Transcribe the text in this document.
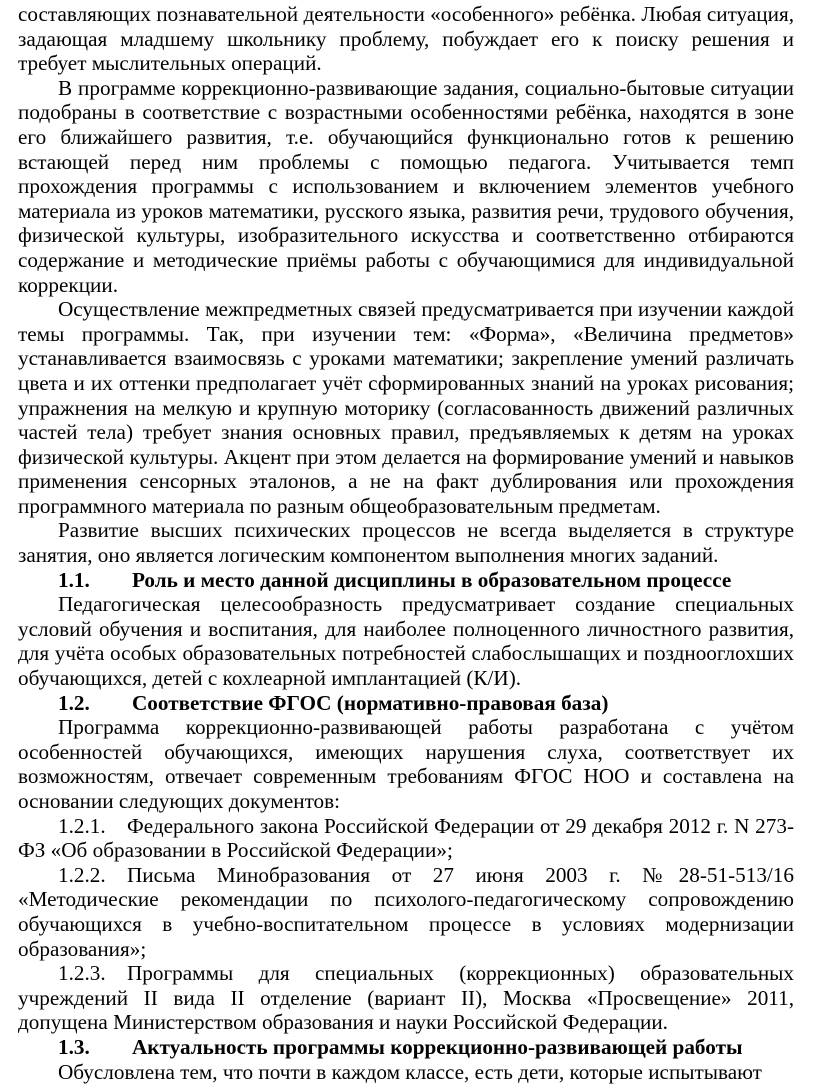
составляющих познавательной деятельности «особенного» ребёнка. Любая ситуация, задающая младшему школьнику проблему, побуждает его к поиску решения и требует мыслительных операций.

В программе коррекционно-развивающие задания, социально-бытовые ситуации подобраны в соответствие с возрастными особенностями ребёнка, находятся в зоне его ближайшего развития, т.е. обучающийся функционально готов к решению встающей перед ним проблемы с помощью педагога. Учитывается темп прохождения программы с использованием и включением элементов учебного материала из уроков математики, русского языка, развития речи, трудового обучения, физической культуры, изобразительного искусства и соответственно отбираются содержание и методические приёмы работы с обучающимися для индивидуальной коррекции.

Осуществление межпредметных связей предусматривается при изучении каждой темы программы. Так, при изучении тем: «Форма», «Величина предметов» устанавливается взаимосвязь с уроками математики; закрепление умений различать цвета и их оттенки предполагает учёт сформированных знаний на уроках рисования; упражнения на мелкую и крупную моторику (согласованность движений различных частей тела) требует знания основных правил, предъявляемых к детям на уроках физической культуры. Акцент при этом делается на формирование умений и навыков применения сенсорных эталонов, а не на факт дублирования или прохождения программного материала по разным общеобразовательным предметам.

Развитие высших психических процессов не всегда выделяется в структуре занятия, оно является логическим компонентом выполнения многих заданий.

1.1.	Роль и место данной дисциплины в образовательном процессе

Педагогическая целесообразность предусматривает создание специальных условий обучения и воспитания, для наиболее полноценного личностного развития, для учёта особых образовательных потребностей слабослышащих и позднооглохших обучающихся, детей с кохлеарной имплантацией (К/И).

1.2.	Соответствие ФГОС (нормативно-правовая база)

Программа коррекционно-развивающей работы разработана с учётом особенностей обучающихся, имеющих нарушения слуха, соответствует их возможностям, отвечает современным требованиям ФГОС НОО и составлена на основании следующих документов:

1.2.1. Федерального закона Российской Федерации от 29 декабря 2012 г. N 273-ФЗ «Об образовании в Российской Федерации»;

1.2.2. Письма Минобразования от 27 июня 2003 г. №28-51-513/16 «Методические рекомендации по психолого-педагогическому сопровождению обучающихся в учебно-воспитательном процессе в условиях модернизации образования»;

1.2.3. Программы для специальных (коррекционных) образовательных учреждений II вида II отделение (вариант II), Москва «Просвещение» 2011, допущена Министерством образования и науки Российской Федерации.

1.3.	Актуальность программы коррекционно-развивающей работы

Обусловлена тем, что почти в каждом классе, есть дети, которые испытывают
